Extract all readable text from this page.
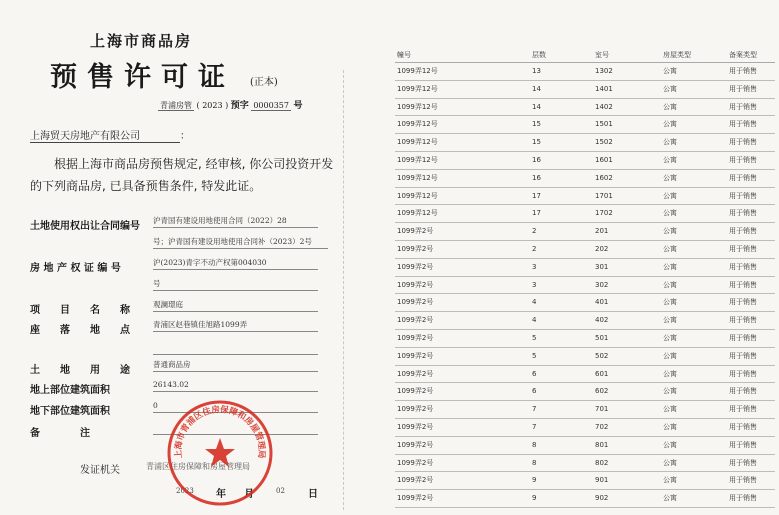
上海市商品房
预售许可证 (正本)
青浦房管 ( 2023 ) 预字 0000357 号
上海贸天房地产有限公司	：
根据上海市商品房预售规定, 经审核, 你公司投资开发的下列商品房, 已具备预售条件, 特发此证。
土地使用权出让合同编号
沪青国有建设用地使用合同（2022）28
号；沪青国有建设用地使用合同补（2023）2号
房 地 产 权 证 编 号
沪(2023)青字不动产权第004030
号
项　　目　　名　　称
观澜璟庭
座　　落　　地　　点
青浦区赵巷镇佳旭路1099弄
土　　地　　用　　途
普通商品房
地上部位建筑面积
26143.02
地下部位建筑面积
0
备　　　　注
发证机关	青浦区住房保障和房屋管理局
2023 年 月	02 日
上海市青浦区住房保障和房屋管理局
幢号	层数	室号	房屋类型	备案类型
1099弄12号	13	1302	公寓	用于销售
1099弄12号	14	1401	公寓	用于销售
1099弄12号	14	1402	公寓	用于销售
1099弄12号	15	1501	公寓	用于销售
1099弄12号	15	1502	公寓	用于销售
1099弄12号	16	1601	公寓	用于销售
1099弄12号	16	1602	公寓	用于销售
1099弄12号	17	1701	公寓	用于销售
1099弄12号	17	1702	公寓	用于销售
1099弄2号	2	201	公寓	用于销售
1099弄2号	2	202	公寓	用于销售
1099弄2号	3	301	公寓	用于销售
1099弄2号	3	302	公寓	用于销售
1099弄2号	4	401	公寓	用于销售
1099弄2号	4	402	公寓	用于销售
1099弄2号	5	501	公寓	用于销售
1099弄2号	5	502	公寓	用于销售
1099弄2号	6	601	公寓	用于销售
1099弄2号	6	602	公寓	用于销售
1099弄2号	7	701	公寓	用于销售
1099弄2号	7	702	公寓	用于销售
1099弄2号	8	801	公寓	用于销售
1099弄2号	8	802	公寓	用于销售
1099弄2号	9	901	公寓	用于销售
1099弄2号	9	902	公寓	用于销售
